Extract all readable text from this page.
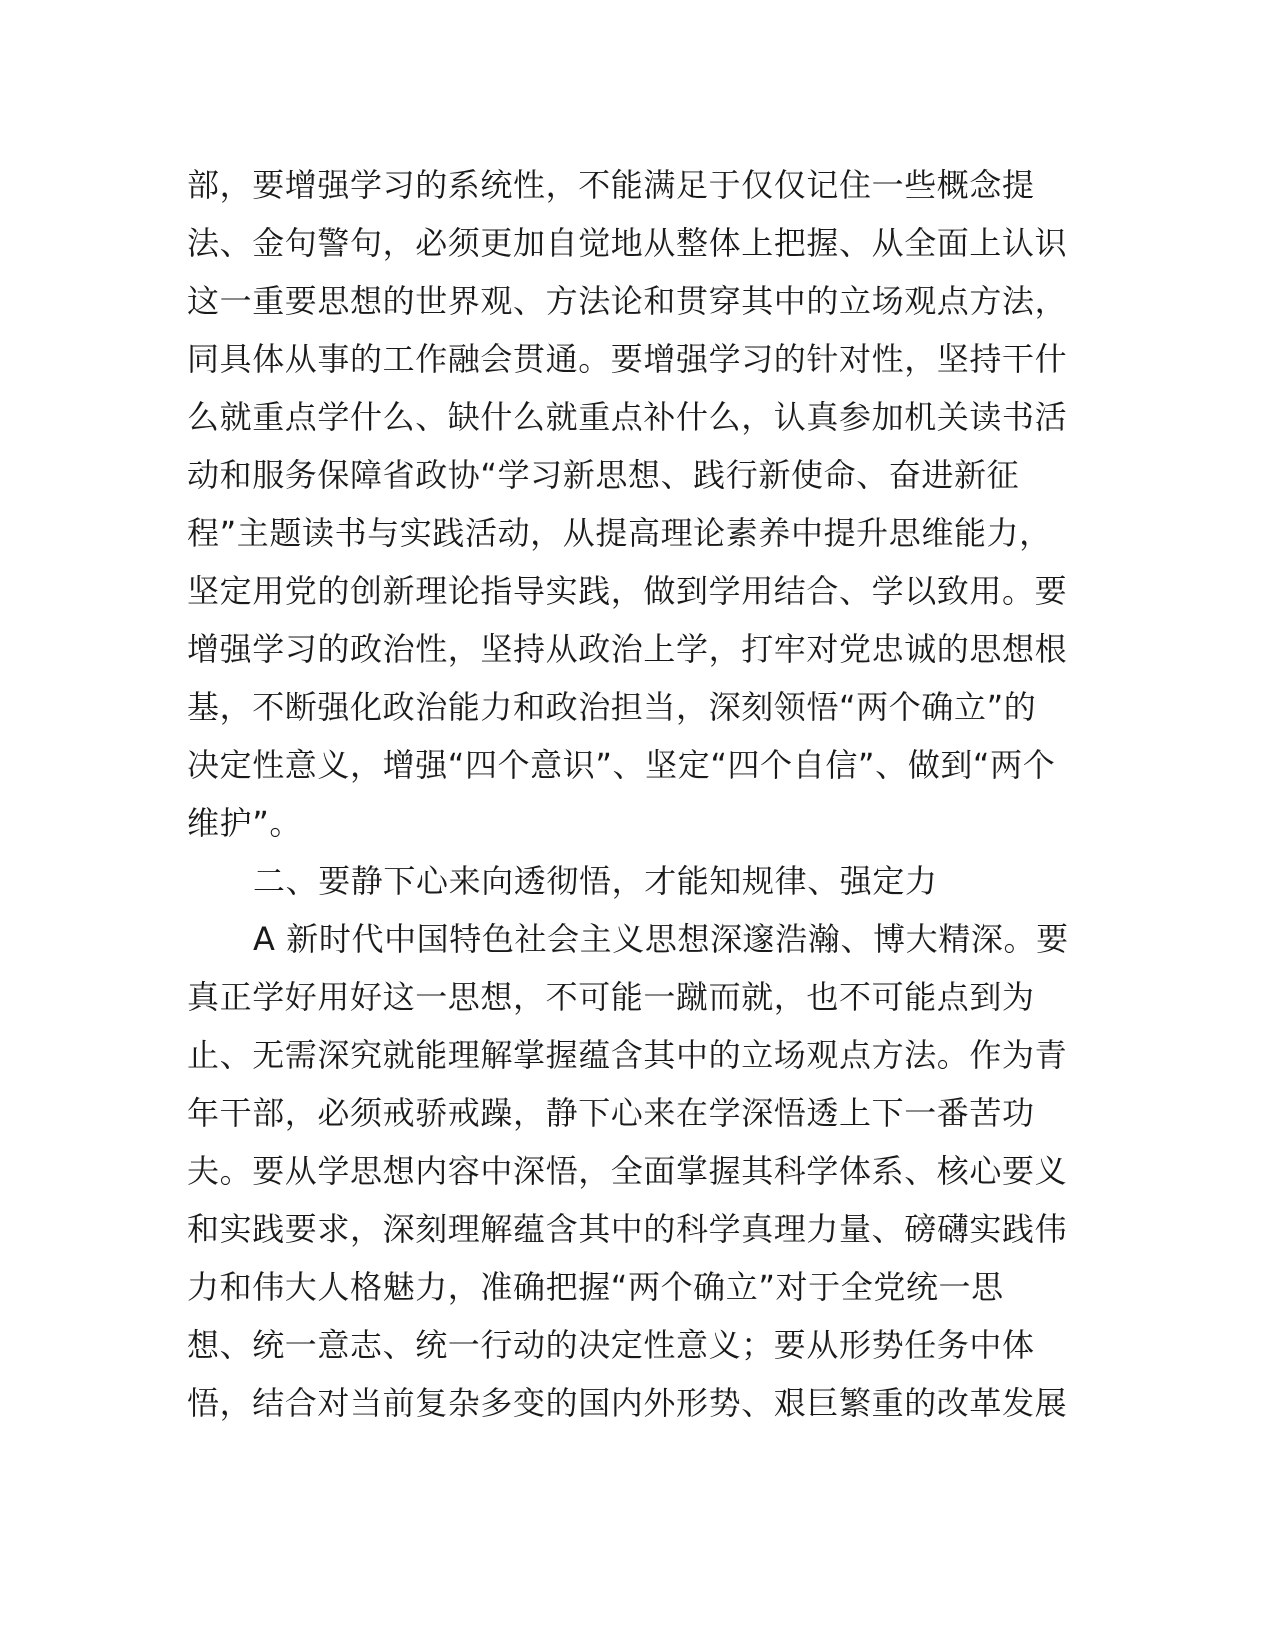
部，要增强学习的系统性，不能满足于仅仅记住一些概念提
法、金句警句，必须更加自觉地从整体上把握、从全面上认识
这一重要思想的世界观、方法论和贯穿其中的立场观点方法，
同具体从事的工作融会贯通。要增强学习的针对性，坚持干什
么就重点学什么、缺什么就重点补什么，认真参加机关读书活
动和服务保障省政协“学习新思想、践行新使命、奋进新征
程”主题读书与实践活动，从提高理论素养中提升思维能力，
坚定用党的创新理论指导实践，做到学用结合、学以致用。要
增强学习的政治性，坚持从政治上学，打牢对党忠诚的思想根
基，不断强化政治能力和政治担当，深刻领悟“两个确立”的
决定性意义，增强“四个意识”、坚定“四个自信”、做到“两个
维护”。
二、要静下心来向透彻悟，才能知规律、强定力
A 新时代中国特色社会主义思想深邃浩瀚、博大精深。要
真正学好用好这一思想，不可能一蹴而就，也不可能点到为
止、无需深究就能理解掌握蕴含其中的立场观点方法。作为青
年干部，必须戒骄戒躁，静下心来在学深悟透上下一番苦功
夫。要从学思想内容中深悟，全面掌握其科学体系、核心要义
和实践要求，深刻理解蕴含其中的科学真理力量、磅礴实践伟
力和伟大人格魅力，准确把握“两个确立”对于全党统一思
想、统一意志、统一行动的决定性意义；要从形势任务中体
悟，结合对当前复杂多变的国内外形势、艰巨繁重的改革发展
